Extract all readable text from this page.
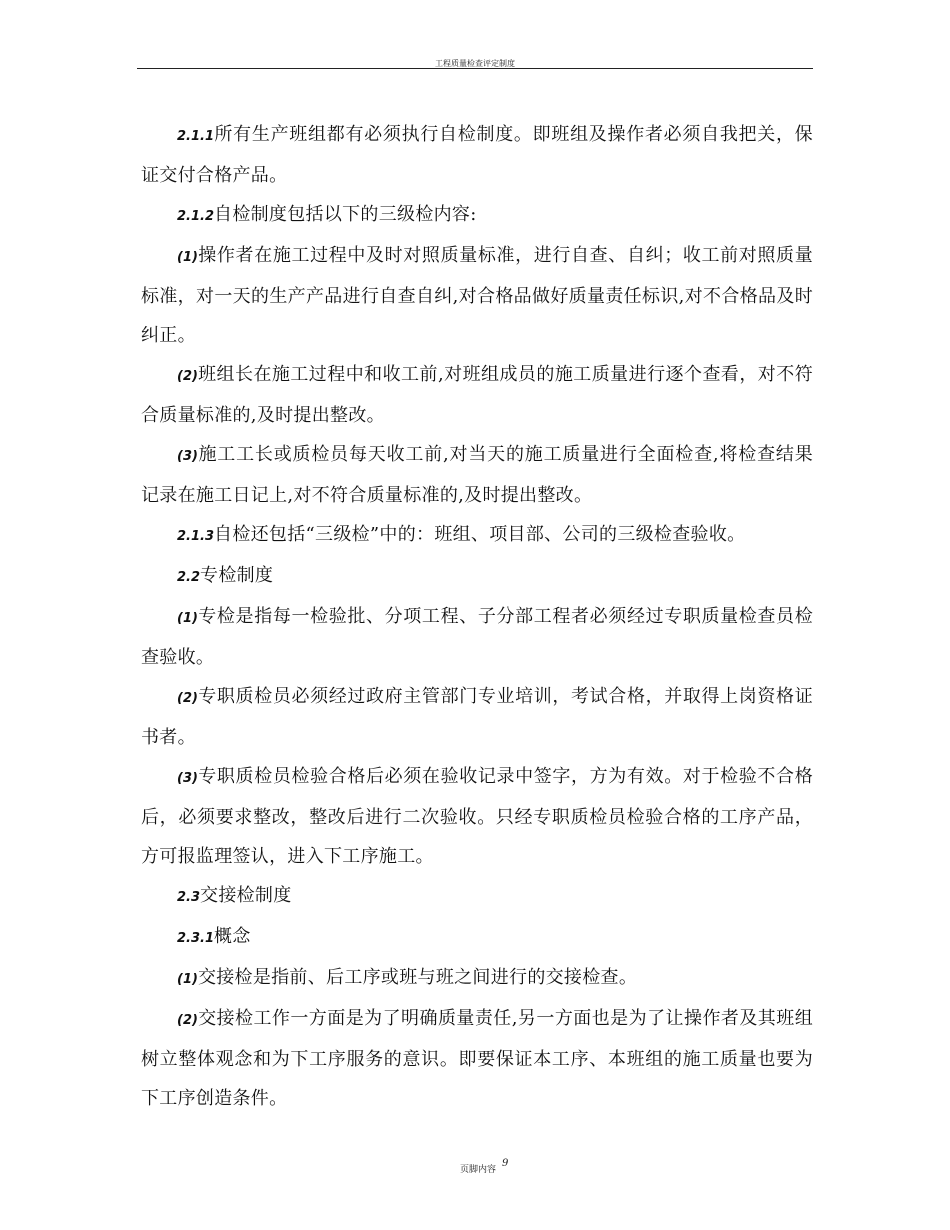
工程质量检查评定制度

2.1.1所有生产班组都有必须执行自检制度。即班组及操作者必须自我把关，保证交付合格产品。

2.1.2自检制度包括以下的三级检内容:

(1)操作者在施工过程中及时对照质量标准，进行自查、自纠；收工前对照质量标准，对一天的生产产品进行自查自纠,对合格品做好质量责任标识,对不合格品及时纠正。

(2)班组长在施工过程中和收工前,对班组成员的施工质量进行逐个查看，对不符合质量标准的,及时提出整改。

(3)施工工长或质检员每天收工前,对当天的施工质量进行全面检查,将检查结果记录在施工日记上,对不符合质量标准的,及时提出整改。

2.1.3自检还包括“三级检”中的：班组、项目部、公司的三级检查验收。

2.2专检制度

(1)专检是指每一检验批、分项工程、子分部工程者必须经过专职质量检查员检查验收。

(2)专职质检员必须经过政府主管部门专业培训，考试合格，并取得上岗资格证书者。

(3)专职质检员检验合格后必须在验收记录中签字，方为有效。对于检验不合格后，必须要求整改，整改后进行二次验收。只经专职质检员检验合格的工序产品，方可报监理签认，进入下工序施工。

2.3交接检制度

2.3.1概念

(1)交接检是指前、后工序或班与班之间进行的交接检查。

(2)交接检工作一方面是为了明确质量责任,另一方面也是为了让操作者及其班组树立整体观念和为下工序服务的意识。即要保证本工序、本班组的施工质量也要为下工序创造条件。

页脚内容
9
